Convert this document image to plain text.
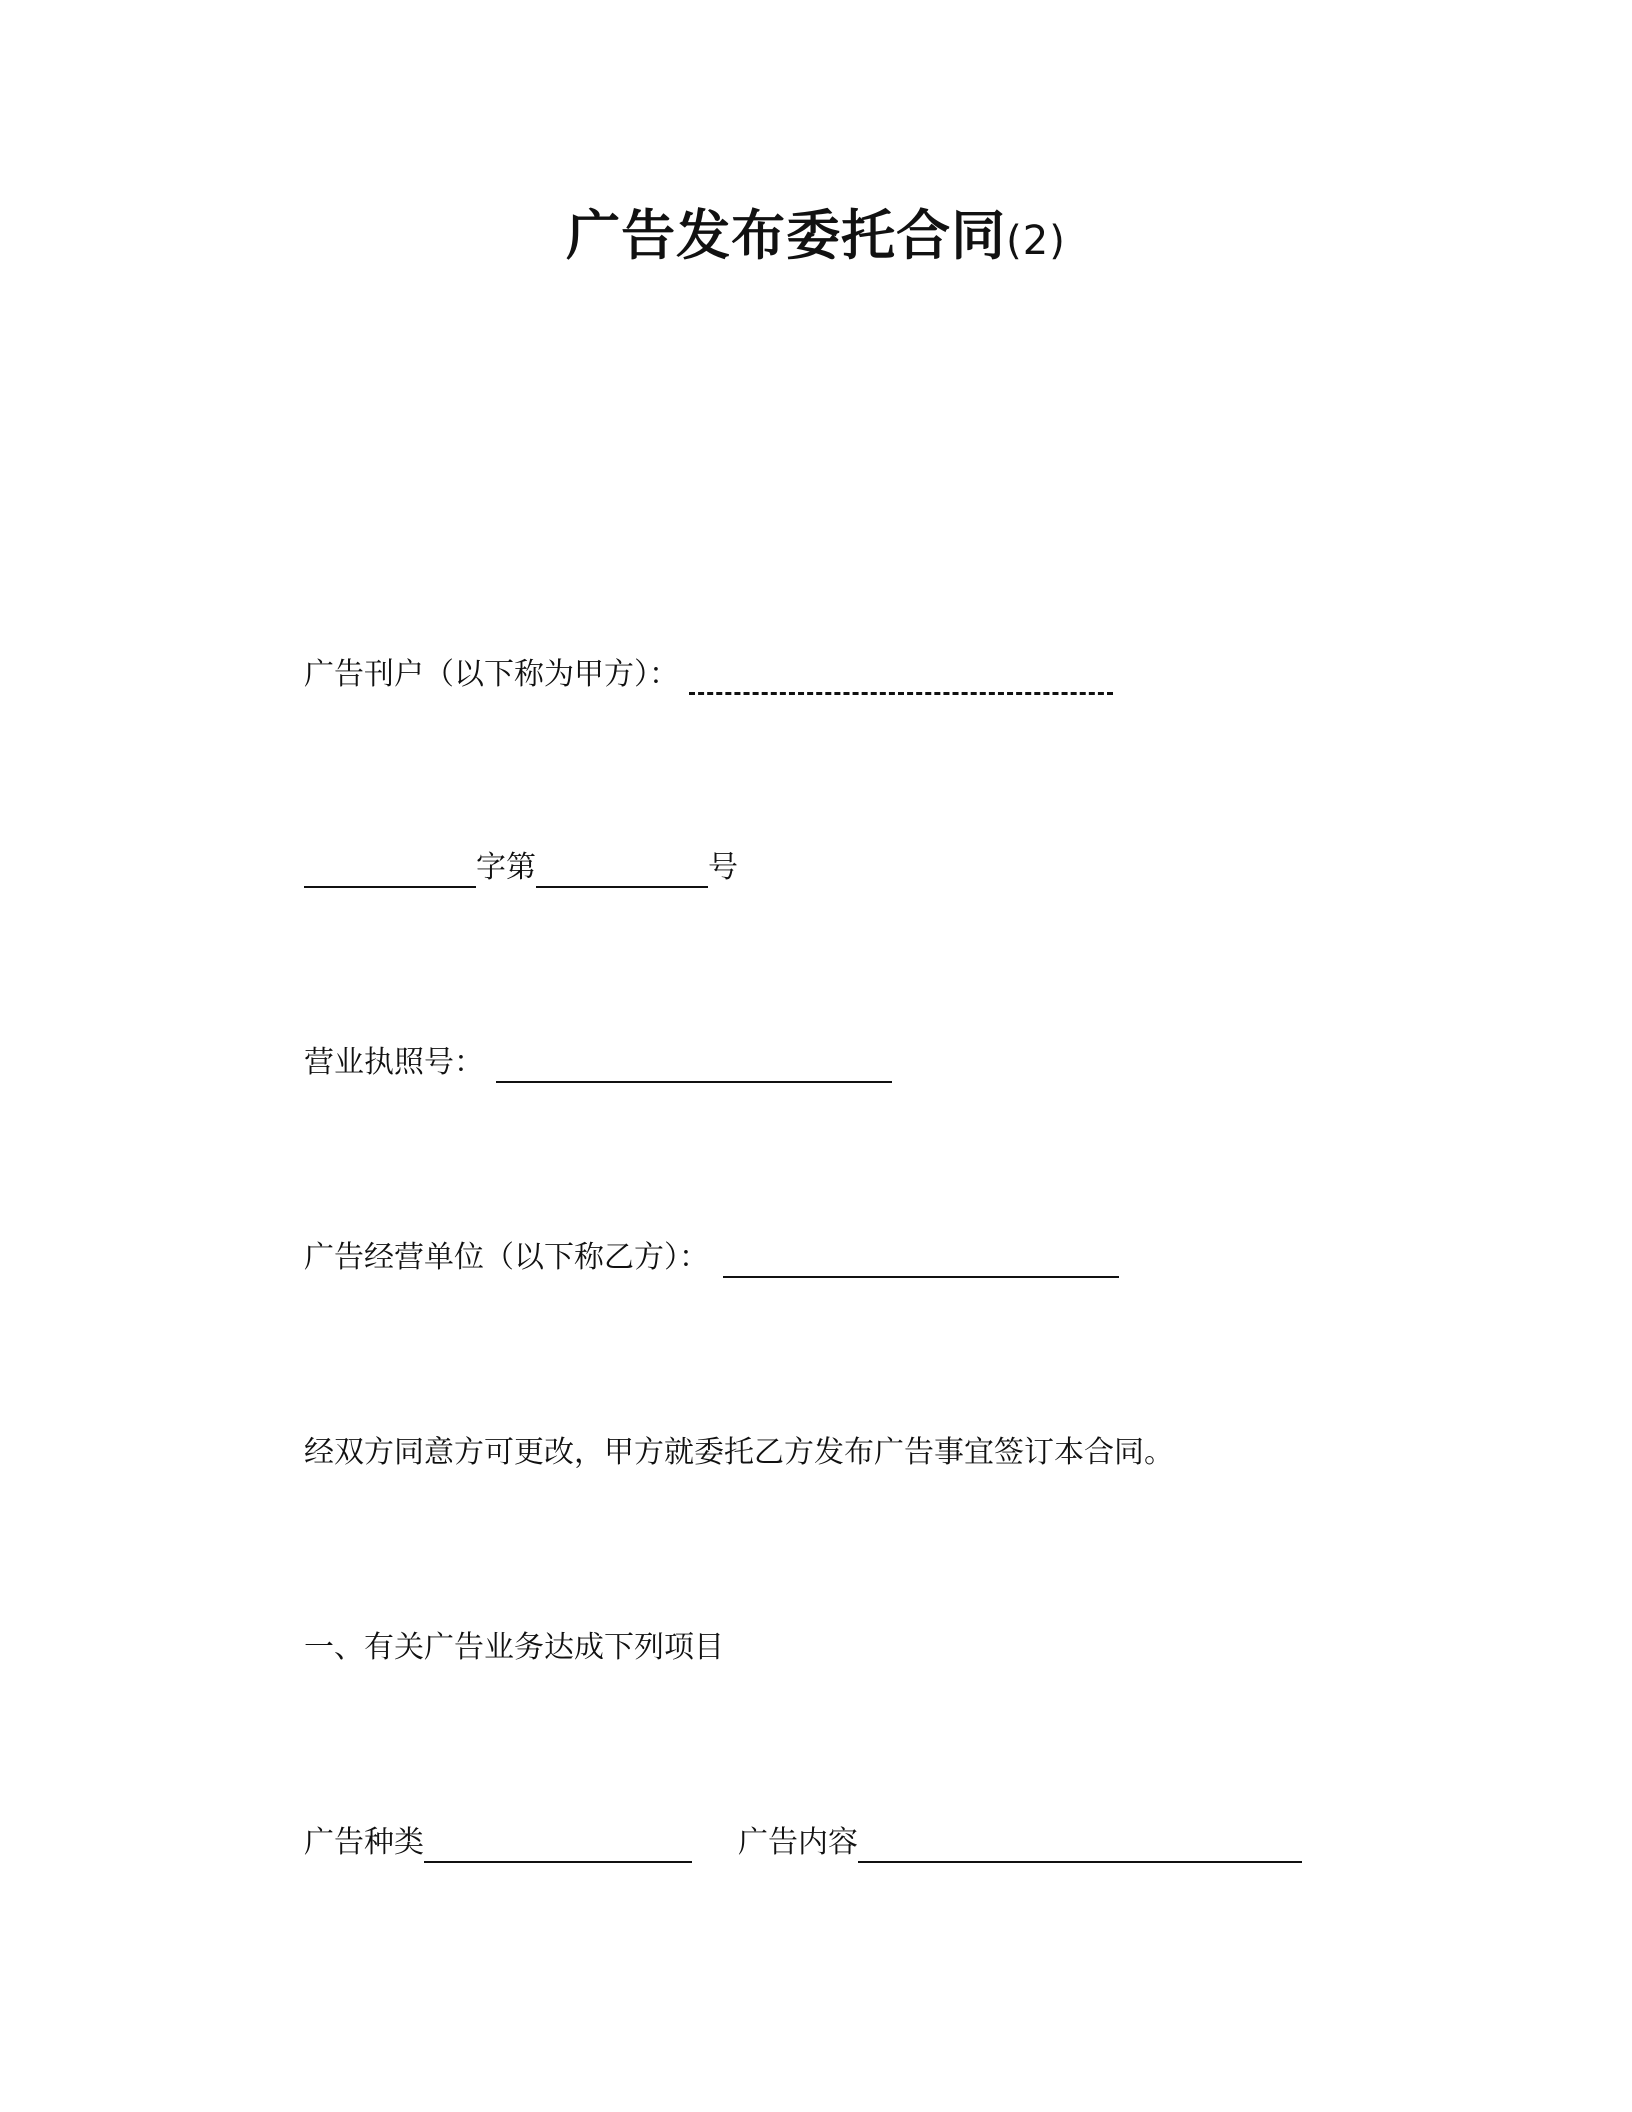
广告发布委托合同(2)
广告刊户（以下称为甲方）：
字第	号
营业执照号：
广告经营单位（以下称乙方）：
经双方同意方可更改，甲方就委托乙方发布广告事宜签订本合同。
一、有关广告业务达成下列项目
广告种类	广告内容
